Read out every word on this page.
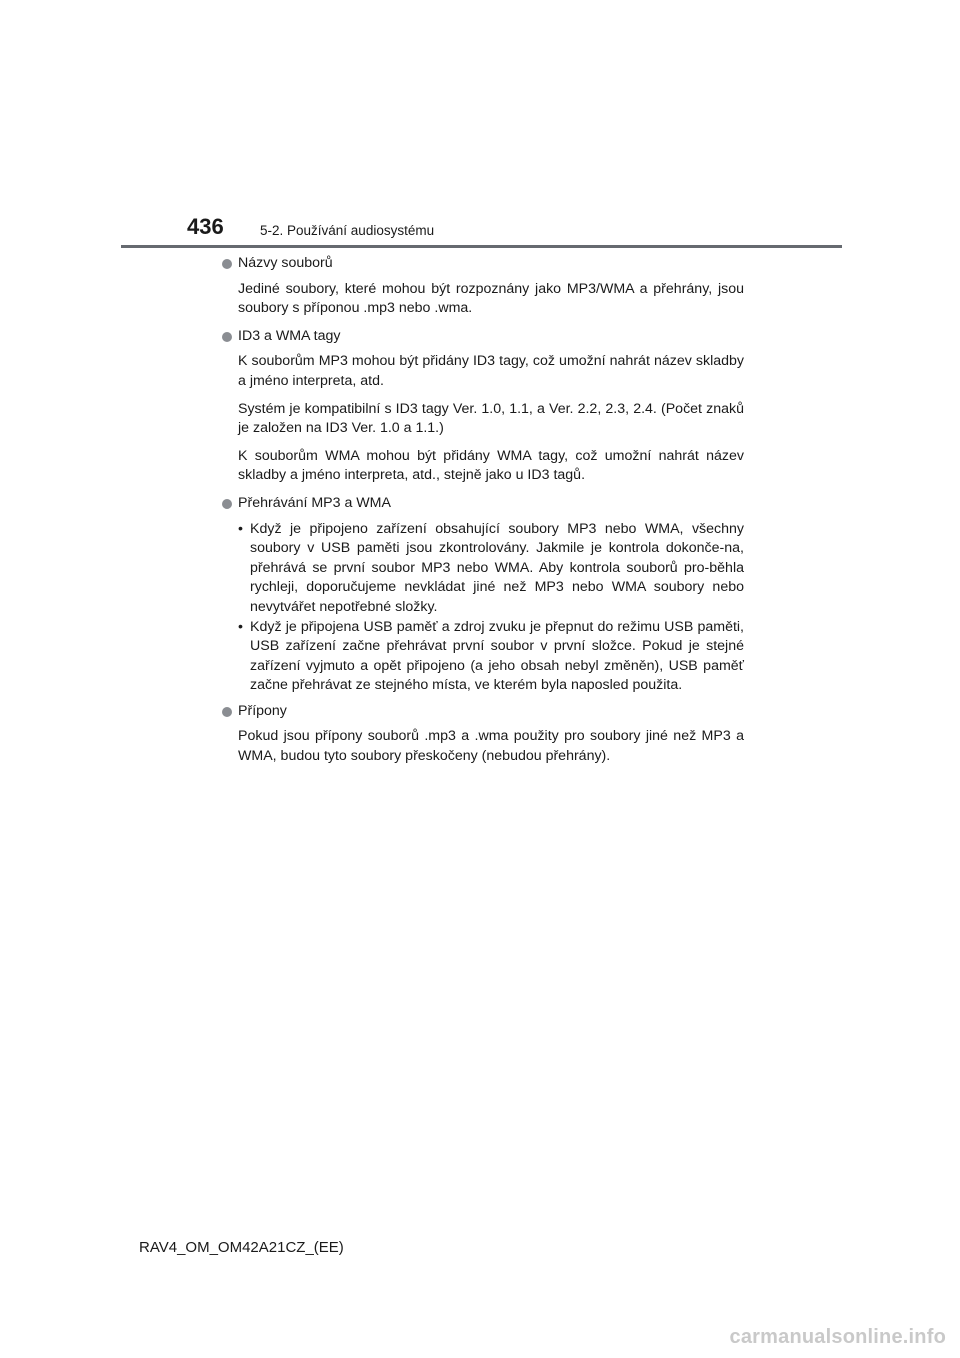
436	5-2. Používání audiosystému
Názvy souborů

Jediné soubory, které mohou být rozpoznány jako MP3/WMA a přehrány, jsou soubory s příponou .mp3 nebo .wma.

ID3 a WMA tagy

K souborům MP3 mohou být přidány ID3 tagy, což umožní nahrát název skladby a jméno interpreta, atd.

Systém je kompatibilní s ID3 tagy Ver. 1.0, 1.1, a Ver. 2.2, 2.3, 2.4. (Počet znaků je založen na ID3 Ver. 1.0 a 1.1.)

K souborům WMA mohou být přidány WMA tagy, což umožní nahrát název skladby a jméno interpreta, atd., stejně jako u ID3 tagů.

Přehrávání MP3 a WMA
• Když je připojeno zařízení obsahující soubory MP3 nebo WMA, všechny soubory v USB paměti jsou zkontrolovány. Jakmile je kontrola dokonče-na, přehrává se první soubor MP3 nebo WMA. Aby kontrola souborů pro-běhla rychleji, doporučujeme nevkládat jiné než MP3 nebo WMA soubory nebo nevytvářet nepotřebné složky.
• Když je připojena USB paměť a zdroj zvuku je přepnut do režimu USB paměti, USB zařízení začne přehrávat první soubor v první složce. Pokud je stejné zařízení vyjmuto a opět připojeno (a jeho obsah nebyl změněn), USB paměť začne přehrávat ze stejného místa, ve kterém byla naposled použita.
Přípony

Pokud jsou přípony souborů .mp3 a .wma použity pro soubory jiné než MP3 a WMA, budou tyto soubory přeskočeny (nebudou přehrány).

RAV4_OM_OM42A21CZ_(EE)
carmanualsonline.info
